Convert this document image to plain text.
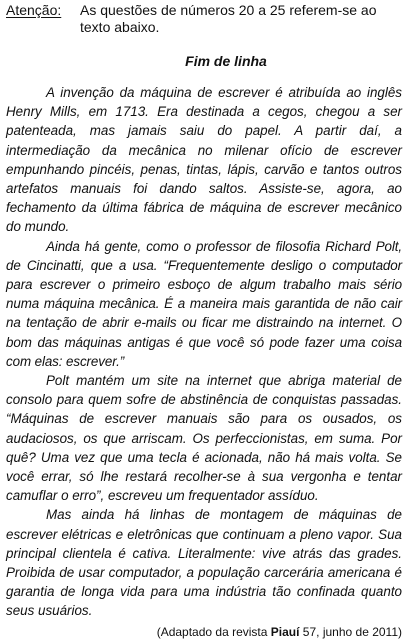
Atenção:	As questões de números 20 a 25 referem-se ao texto abaixo.
Fim de linha

A invenção da máquina de escrever é atribuída ao inglês Henry Mills, em 1713. Era destinada a cegos, chegou a ser patenteada, mas jamais saiu do papel. A partir daí, a intermediação da mecânica no milenar ofício de escrever empunhando pincéis, penas, tintas, lápis, carvão e tantos outros artefatos manuais foi dando saltos. Assiste-se, agora, ao fechamento da última fábrica de máquina de escrever mecânico do mundo.

Ainda há gente, como o professor de filosofia Richard Polt, de Cincinatti, que a usa. “Frequentemente desligo o computador para escrever o primeiro esboço de algum trabalho mais sério numa máquina mecânica. É a maneira mais garantida de não cair na tentação de abrir e-mails ou ficar me distraindo na internet. O bom das máquinas antigas é que você só pode fazer uma coisa com elas: escrever.”

Polt mantém um site na internet que abriga material de consolo para quem sofre de abstinência de conquistas passadas. “Máquinas de escrever manuais são para os ousados, os audaciosos, os que arriscam. Os perfeccionistas, em suma. Por quê? Uma vez que uma tecla é acionada, não há mais volta. Se você errar, só lhe restará recolher-se à sua vergonha e tentar camuflar o erro”, escreveu um frequentador assíduo.

Mas ainda há linhas de montagem de máquinas de escrever elétricas e eletrônicas que continuam a pleno vapor. Sua principal clientela é cativa. Literalmente: vive atrás das grades. Proibida de usar computador, a população carcerária americana é garantia de longa vida para uma indústria tão confinada quanto seus usuários.

(Adaptado da revista Piauí 57, junho de 2011)
